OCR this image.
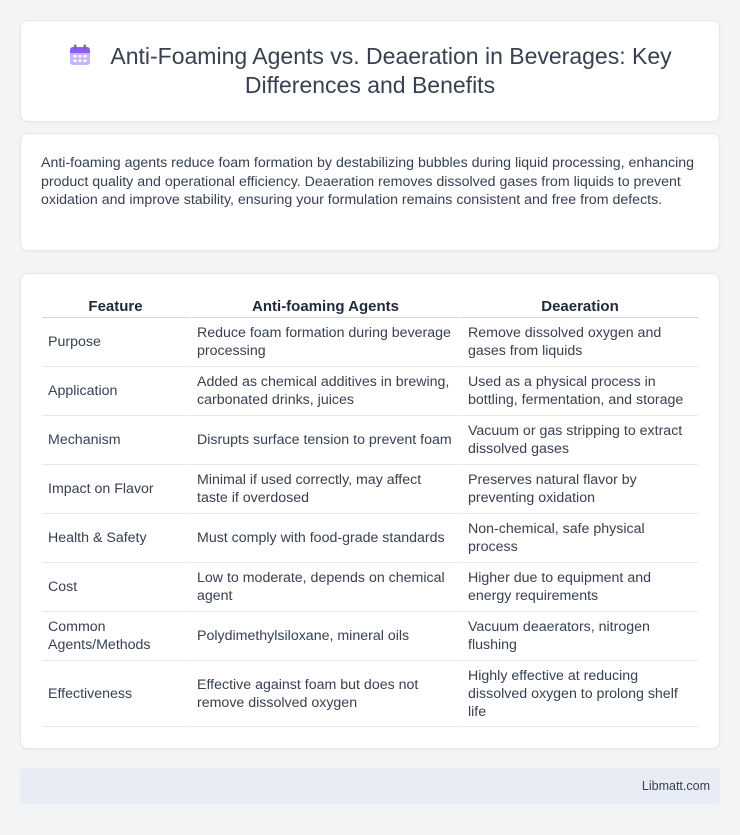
Anti-Foaming Agents vs. Deaeration in Beverages: Key Differences and Benefits

Anti-foaming agents reduce foam formation by destabilizing bubbles during liquid processing, enhancing product quality and operational efficiency. Deaeration removes dissolved gases from liquids to prevent oxidation and improve stability, ensuring your formulation remains consistent and free from defects.

Feature	Anti-foaming Agents	Deaeration
Purpose	Reduce foam formation during beverage processing	Remove dissolved oxygen and gases from liquids
Application	Added as chemical additives in brewing, carbonated drinks, juices	Used as a physical process in bottling, fermentation, and storage
Mechanism	Disrupts surface tension to prevent foam	Vacuum or gas stripping to extract dissolved gases
Impact on Flavor	Minimal if used correctly, may affect taste if overdosed	Preserves natural flavor by preventing oxidation
Health & Safety	Must comply with food-grade standards	Non-chemical, safe physical process
Cost	Low to moderate, depends on chemical agent	Higher due to equipment and energy requirements
Common Agents/Methods	Polydimethylsiloxane, mineral oils	Vacuum deaerators, nitrogen flushing
Effectiveness	Effective against foam but does not remove dissolved oxygen	Highly effective at reducing dissolved oxygen to prolong shelf life
Libmatt.com
